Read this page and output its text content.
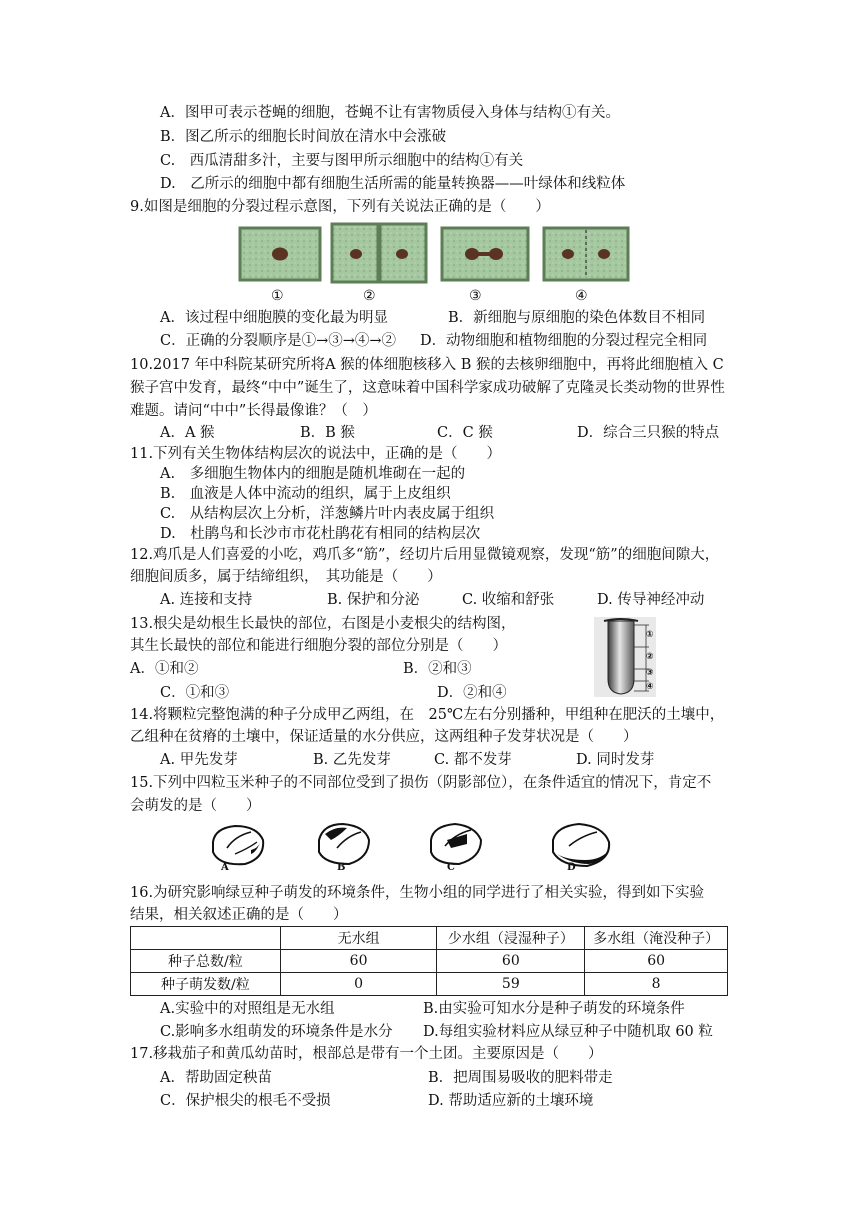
A．图甲可表示苍蝇的细胞，苍蝇不让有害物质侵入身体与结构①有关。
B．图乙所示的细胞长时间放在清水中会涨破
C.　西瓜清甜多汁，主要与图甲所示细胞中的结构①有关
D.　乙所示的细胞中都有细胞生活所需的能量转换器——叶绿体和线粒体
9.如图是细胞的分裂过程示意图，下列有关说法正确的是（　　）
①	②	③	④
A．该过程中细胞膜的变化最为明显	B．新细胞与原细胞的染色体数目不相同
C．正确的分裂顺序是①→③→④→② D．动物细胞和植物细胞的分裂过程完全相同
10.2017 年中科院某研究所将A 猴的体细胞核移入 B 猴的去核卵细胞中，再将此细胞植入 C
猴子宫中发育，最终“中中”诞生了，这意味着中国科学家成功破解了克隆灵长类动物的世界性
难题。请问“中中”长得最像谁？（　）
A．A 猴	B．B 猴	C．C 猴	D．综合三只猴的特点
11.下列有关生物体结构层次的说法中，正确的是（　　）
A.　多细胞生物体内的细胞是随机堆砌在一起的
B.　血液是人体中流动的组织，属于上皮组织
C.　从结构层次上分析，洋葱鳞片叶内表皮属于组织
D.　杜鹃鸟和长沙市市花杜鹃花有相同的结构层次
12.鸡爪是人们喜爱的小吃，鸡爪多“筋”，经切片后用显微镜观察，发现“筋”的细胞间隙大，
细胞间质多，属于结缔组织，　其功能是（　　）
A. 连接和支持	B. 保护和分泌	C. 收缩和舒张	D. 传导神经冲动
13.根尖是幼根生长最快的部位，右图是小麦根尖的结构图，
其生长最快的部位和能进行细胞分裂的部位分别是（　　）
A．①和②	B．②和③
C．①和③	D．②和④
①
②
③
④
14.将颗粒完整饱满的种子分成甲乙两组，在　25℃左右分别播种，甲组种在肥沃的土壤中，
乙组种在贫瘠的土壤中，保证适量的水分供应，这两组种子发芽状况是（　　）
A. 甲先发芽	B. 乙先发芽	C. 都不发芽	D. 同时发芽
15.下列中四粒玉米种子的不同部位受到了损伤（阴影部位），在条件适宜的情况下，肯定不
会萌发的是（　　）
A	B	C	D
16.为研究影响绿豆种子萌发的环境条件，生物小组的同学进行了相关实验，得到如下实验
结果，相关叙述正确的是（　　）
	无水组	少水组（浸湿种子）	多水组（淹没种子）
种子总数/粒	60	60	60
种子萌发数/粒	0	59	8
A.实验中的对照组是无水组	B.由实验可知水分是种子萌发的环境条件
C.影响多水组萌发的环境条件是水分 D.每组实验材料应从绿豆种子中随机取 60 粒
17.移栽茄子和黄瓜幼苗时，根部总是带有一个土团。主要原因是（　　）
A．帮助固定秧苗	B．把周围易吸收的肥料带走
C．保护根尖的根毛不受损	D. 帮助适应新的土壤环境
